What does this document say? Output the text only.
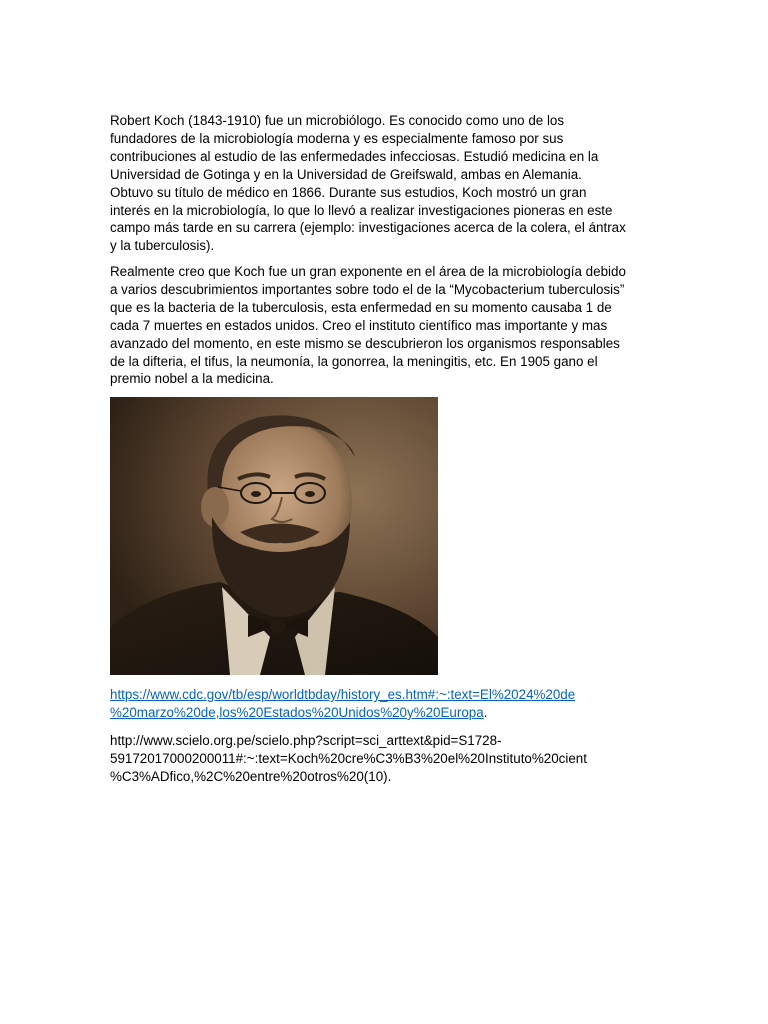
Robert Koch (1843-1910) fue un microbiólogo. Es conocido como uno de los
fundadores de la microbiología moderna y es especialmente famoso por sus
contribuciones al estudio de las enfermedades infecciosas. Estudió medicina en la
Universidad de Gotinga y en la Universidad de Greifswald, ambas en Alemania.
Obtuvo su título de médico en 1866. Durante sus estudios, Koch mostró un gran
interés en la microbiología, lo que lo llevó a realizar investigaciones pioneras en este
campo más tarde en su carrera (ejemplo: investigaciones acerca de la colera, el ántrax
y la tuberculosis).

Realmente creo que Koch fue un gran exponente en el área de la microbiología debido
a varios descubrimientos importantes sobre todo el de la “Mycobacterium tuberculosis”
que es la bacteria de la tuberculosis, esta enfermedad en su momento causaba 1 de
cada 7 muertes en estados unidos. Creo el instituto científico mas importante y mas
avanzado del momento, en este mismo se descubrieron los organismos responsables
de la difteria, el tifus, la neumonía, la gonorrea, la meningitis, etc. En 1905 gano el
premio nobel a la medicina.

https://www.cdc.gov/tb/esp/worldtbday/history_es.htm#:~:text=El%2024%20de
%20marzo%20de,los%20Estados%20Unidos%20y%20Europa.

http://www.scielo.org.pe/scielo.php?script=sci_arttext&pid=S1728-
59172017000200011#:~:text=Koch%20cre%C3%B3%20el%20Instituto%20cient
%C3%ADfico,%2C%20entre%20otros%20(10).
